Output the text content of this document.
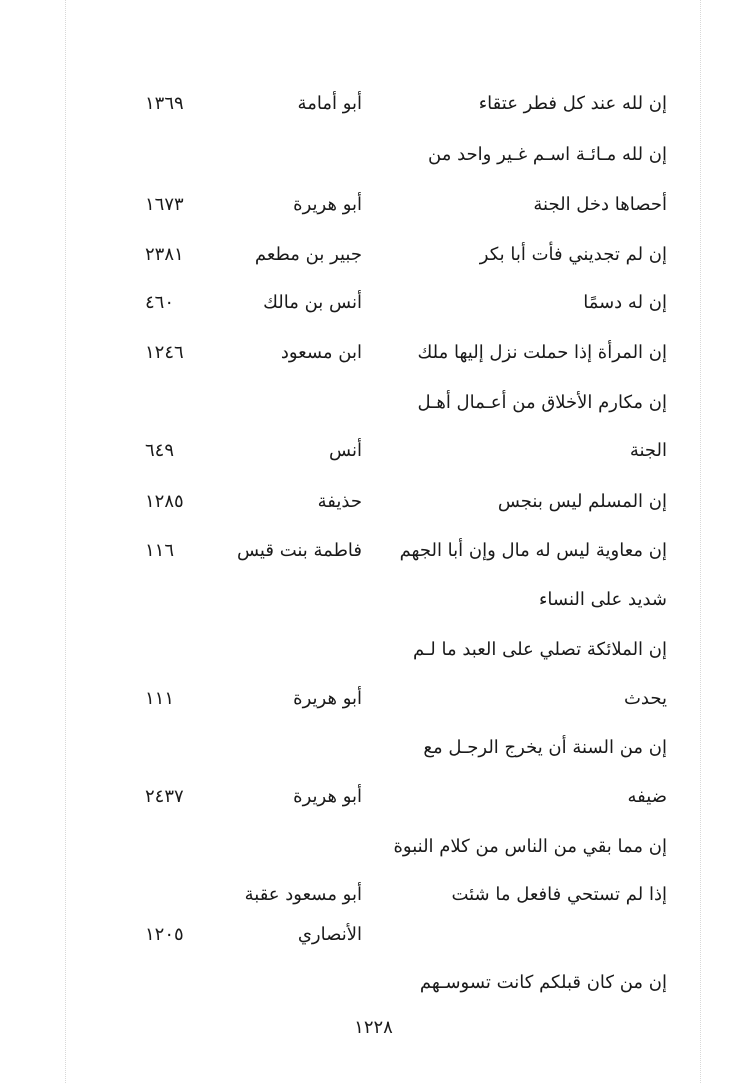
إن لله عند كل فطر عتقاء
أبو أمامة
١٣٦٩
إن لله مـائـة اسـم غـير واحد من
أحصاها دخل الجنة
أبو هريرة
١٦٧٣
إن لم تجديني فأت أبا بكر
جبير بن مطعم
٢٣٨١
إن له دسمًا
أنس بن مالك
٤٦٠
إن المرأة إذا حملت نزل إليها ملك
ابن مسعود
١٢٤٦
إن مكارم الأخلاق من أعـمال أهـل
الجنة
أنس
٦٤٩
إن المسلم ليس بنجس
حذيفة
١٢٨٥
إن معاوية ليس له مال وإن أبا الجهم
فاطمة بنت قيس
١١٦
شديد على النساء
إن الملائكة تصلي على العبد ما لـم
يحدث
أبو هريرة
١١١
إن من السنة أن يخرج الرجـل مع
ضيفه
أبو هريرة
٢٤٣٧
إن مما بقي من الناس من كلام النبوة
إذا لم تستحي فافعل ما شئت
أبو مسعود عقبة
الأنصاري
١٢٠٥
إن من كان قبلكم كانت تسوسـهم
١٢٢٨
